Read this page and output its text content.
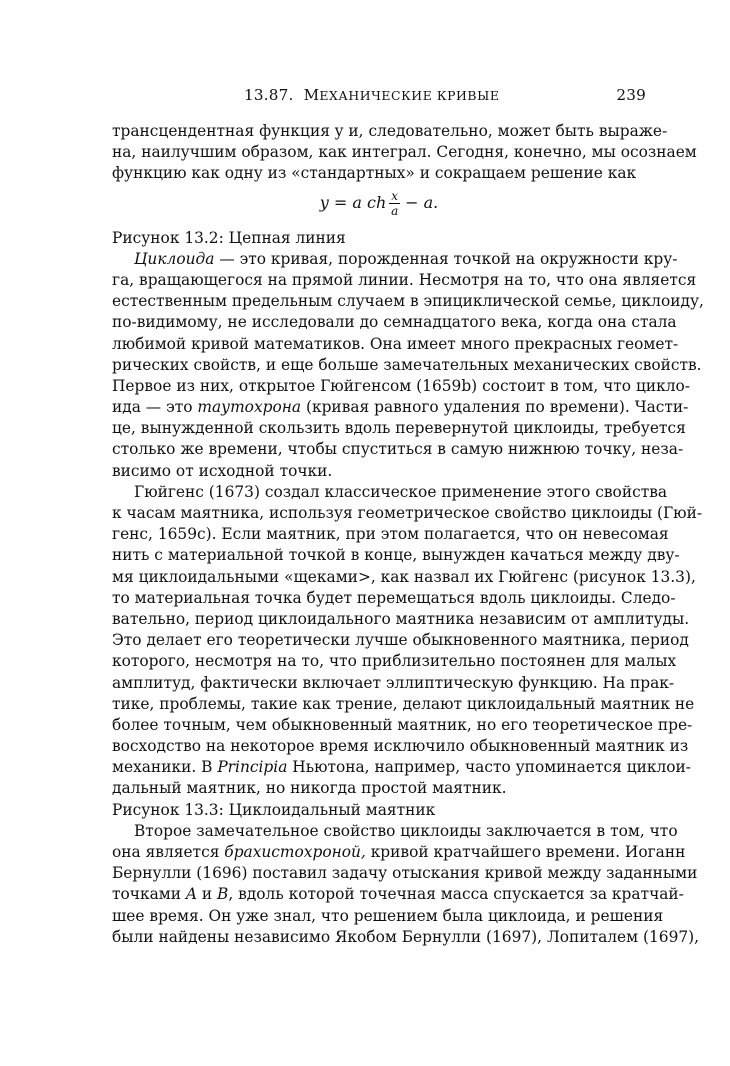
13.87. МЕХАНИЧЕСКИЕ КРИВЫЕ	239
трансцендентная функция y и, следовательно, может быть выраже-
на, наилучшим образом, как интеграл. Сегодня, конечно, мы осознаем
функцию как одну из «стандартных» и сокращаем решение как
y = a ch $\frac{x}{a} - a$.
Рисунок 13.2: Цепная линия
Циклоида — это кривая, порожденная точкой на окружности кру-
га, вращающегося на прямой линии. Несмотря на то, что она является
естественным предельным случаем в эпициклической семье, циклоиду,
по-видимому, не исследовали до семнадцатого века, когда она стала
любимой кривой математиков. Она имеет много прекрасных геомет-
рических свойств, и еще больше замечательных механических свойств.
Первое из них, открытое Гюйгенсом (1659b) состоит в том, что цикло-
ида — это таутохрона (кривая равного удаления по времени). Части-
це, вынужденной скользить вдоль перевернутой циклоиды, требуется
столько же времени, чтобы спуститься в самую нижнюю точку, неза-
висимо от исходной точки.
Гюйгенс (1673) создал классическое применение этого свойства
к часам маятника, используя геометрическое свойство циклоиды (Гюй-
генс, 1659c). Если маятник, при этом полагается, что он невесомая
нить с материальной точкой в конце, вынужден качаться между дву-
мя циклоидальными «щеками>, как назвал их Гюйгенс (рисунок 13.3),
то материальная точка будет перемещаться вдоль циклоиды. Следо-
вательно, период циклоидального маятника независим от амплитуды.
Это делает его теоретически лучше обыкновенного маятника, период
которого, несмотря на то, что приблизительно постоянен для малых
амплитуд, фактически включает эллиптическую функцию. На прак-
тике, проблемы, такие как трение, делают циклоидальный маятник не
более точным, чем обыкновенный маятник, но его теоретическое пре-
восходство на некоторое время исключило обыкновенный маятник из
механики. В Principia Ньютона, например, часто упоминается циклои-
дальный маятник, но никогда простой маятник.
Рисунок 13.3: Циклоидальный маятник
Второе замечательное свойство циклоиды заключается в том, что
она является брахистохроной, кривой кратчайшего времени. Иоганн
Бернулли (1696) поставил задачу отыскания кривой между заданными
точками A и B, вдоль которой точечная масса спускается за кратчай-
шее время. Он уже знал, что решением была циклоида, и решения
были найдены независимо Якобом Бернулли (1697), Лопиталем (1697),
